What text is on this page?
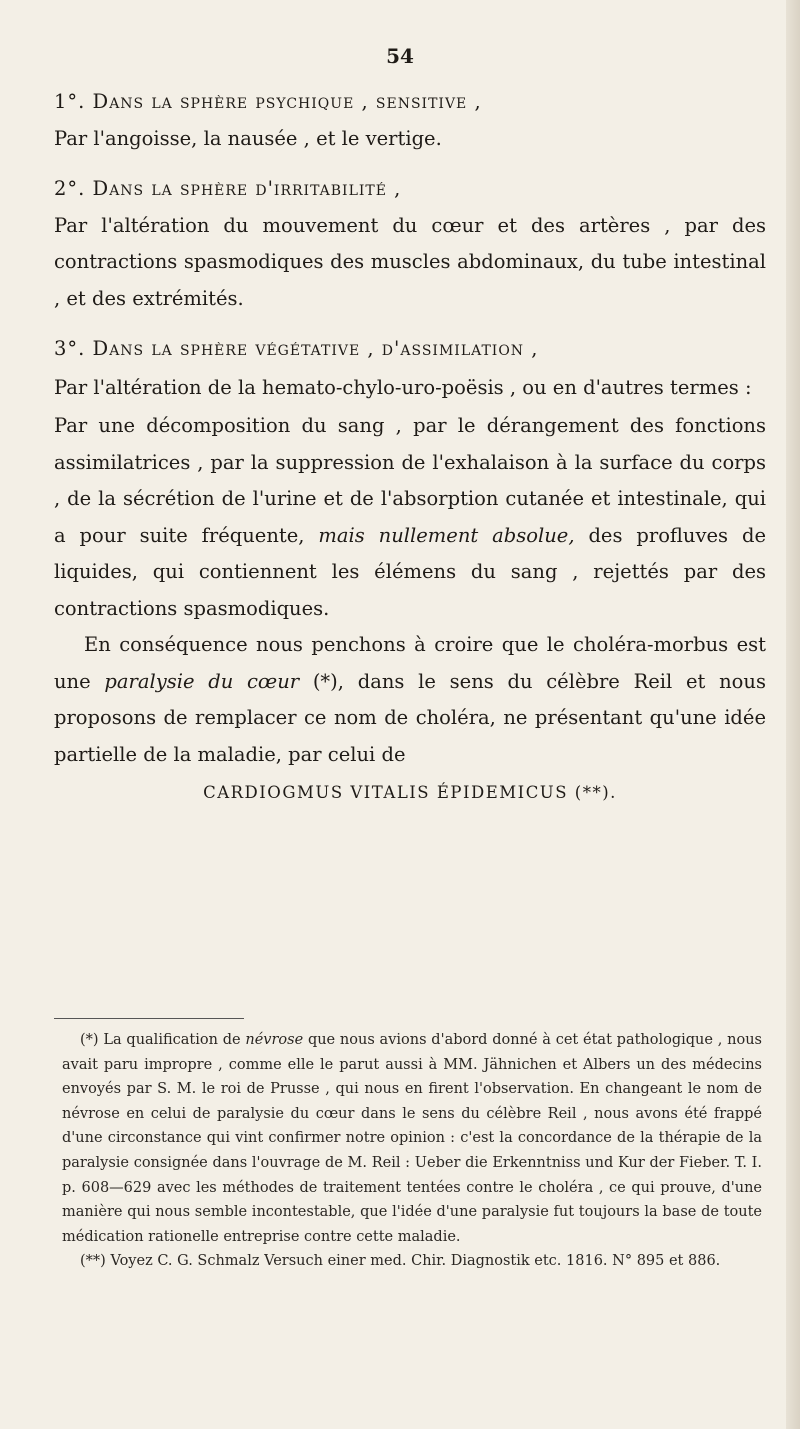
54

1°. Dans la sphère psychique , sensitive ,

Par l'angoisse, la nausée , et le vertige.

2°. Dans la sphère d'irritabilité ,

Par l'altération du mouvement du cœur et des artères , par des contractions spasmodiques des muscles abdominaux, du tube intestinal , et des extrémités.

3°. Dans la sphère végétative , d'assimilation ,

Par l'altération de la hemato-chylo-uro-poësis , ou en d'autres termes :

Par une décomposition du sang , par le dérangement des fonctions assimilatrices , par la suppression de l'exhalaison à la surface du corps , de la sécrétion de l'urine et de l'absorption cutanée et intestinale, qui a pour suite fréquente, mais nullement absolue, des profluves de liquides, qui contiennent les élémens du sang , rejettés par des contractions spasmodiques.

En conséquence nous penchons à croire que le choléra-morbus est une paralysie du cœur (*), dans le sens du célèbre Reil et nous proposons de remplacer ce nom de choléra, ne présentant qu'une idée partielle de la maladie, par celui de

CARDIOGMUS VITALIS ÉPIDEMICUS (**).

(*) La qualification de névrose que nous avions d'abord donné à cet état pathologique , nous avait paru impropre , comme elle le parut aussi à MM. Jähnichen et Albers un des médecins envoyés par S. M. le roi de Prusse , qui nous en firent l'observation. En changeant le nom de névrose en celui de paralysie du cœur dans le sens du célèbre Reil , nous avons été frappé d'une circonstance qui vint confirmer notre opinion : c'est la concordance de la thérapie de la paralysie consignée dans l'ouvrage de M. Reil : Ueber die Erkenntniss und Kur der Fieber. T. I. p. 608—629 avec les méthodes de traitement tentées contre le choléra , ce qui prouve, d'une manière qui nous semble incontestable, que l'idée d'une paralysie fut toujours la base de toute médication rationelle entreprise contre cette maladie.

(**) Voyez C. G. Schmalz Versuch einer med. Chir. Diagnostik etc. 1816. N° 895 et 886.
